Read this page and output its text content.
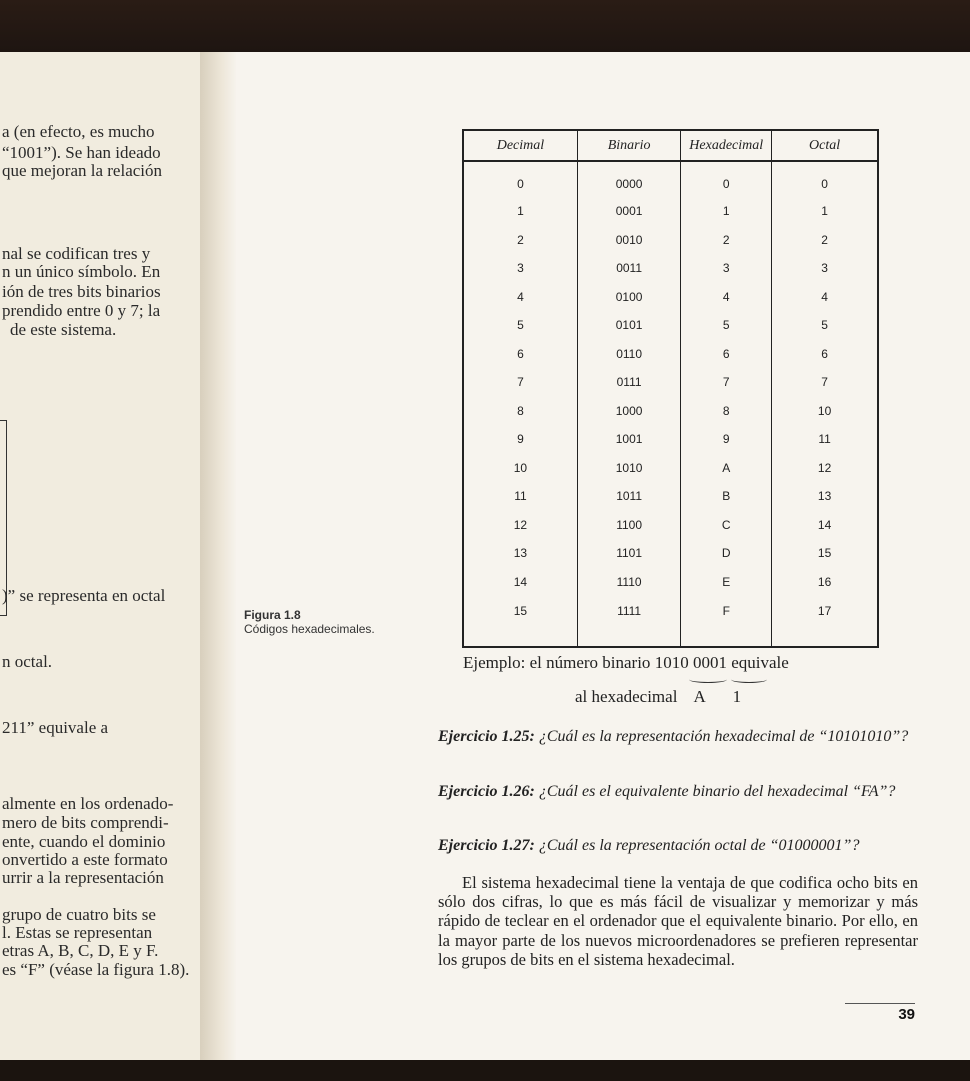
a (en efecto, es mucho
“1001”). Se han ideado
que mejoran la relación
nal se codifican tres y
n un único símbolo. En
ión de tres bits binarios
prendido entre 0 y 7; la
de este sistema.
)” se representa en octal
n octal.
211” equivale a
almente en los ordenado-
mero de bits comprendi-
ente, cuando el dominio
onvertido a este formato
urrir a la representación
grupo de cuatro bits se
l. Estas se representan
etras A, B, C, D, E y F.
es “F” (véase la figura 1.8).
Figura 1.8
Códigos hexadecimales.
Decimal	Binario	Hexadecimal	Octal
0	0000	0	0
1	0001	1	1
2	0010	2	2
3	0011	3	3
4	0100	4	4
5	0101	5	5
6	0110	6	6
7	0111	7	7
8	1000	8	10
9	1001	9	11
10	1010	A	12
11	1011	B	13
12	1100	C	14
13	1101	D	15
14	1110	E	16
15	1111	F	17
Ejemplo: el número binario 1010 0001 equivale
al hexadecimal A 1
Ejercicio 1.25: ¿Cuál es la representación hexadecimal de “10101010”?
Ejercicio 1.26: ¿Cuál es el equivalente binario del hexadecimal “FA”?
Ejercicio 1.27: ¿Cuál es la representación octal de “01000001”?
El sistema hexadecimal tiene la ventaja de que codifica ocho bits en sólo dos cifras, lo que es más fácil de visualizar y memorizar y más rápido de teclear en el ordenador que el equivalente binario. Por ello, en la mayor parte de los nuevos microordenadores se prefieren representar los grupos de bits en el sistema hexadecimal.
39
